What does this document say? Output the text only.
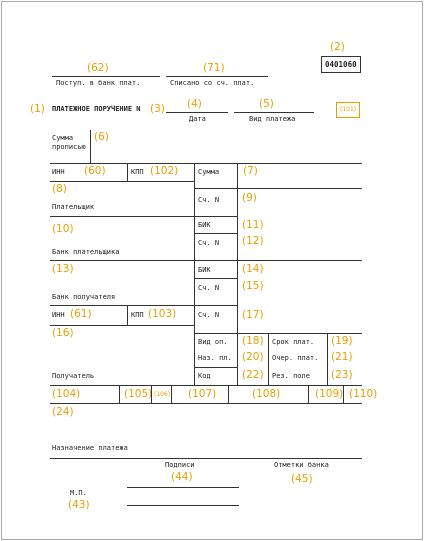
(2)
0401060
(62)
Поступ. в банк плат.
(71)
Списано со сч. плат.
(1) ПЛАТЕЖНОЕ ПОРУЧЕНИЕ N (3) (4)
Дата
(5)
Вид платежа
(101)
Сумма
прописью
(6)
ИНН (60)	КПП (102)	Сумма (7)
(8)
Сч. N (9)
Плательщик
(10)	БИК	(11)
Сч. N (12)
Банк плательщика
(13)	БИК	(14)
Сч. N (15)
Банк получателя
ИНН (61)	КПП (103)	Сч. N (17)
(16)
Вид оп. (18) Срок плат. (19)
Наз. пл. (20) Очер. плат. (21)
Код	(22) Рез. поле (23)
Получатель
(104)	(105) (106) (107)	(108)	(109) (110)
(24)
Назначение платежа
Подписи	Отметки банка
(44)	(45)
М.П.
(43)
